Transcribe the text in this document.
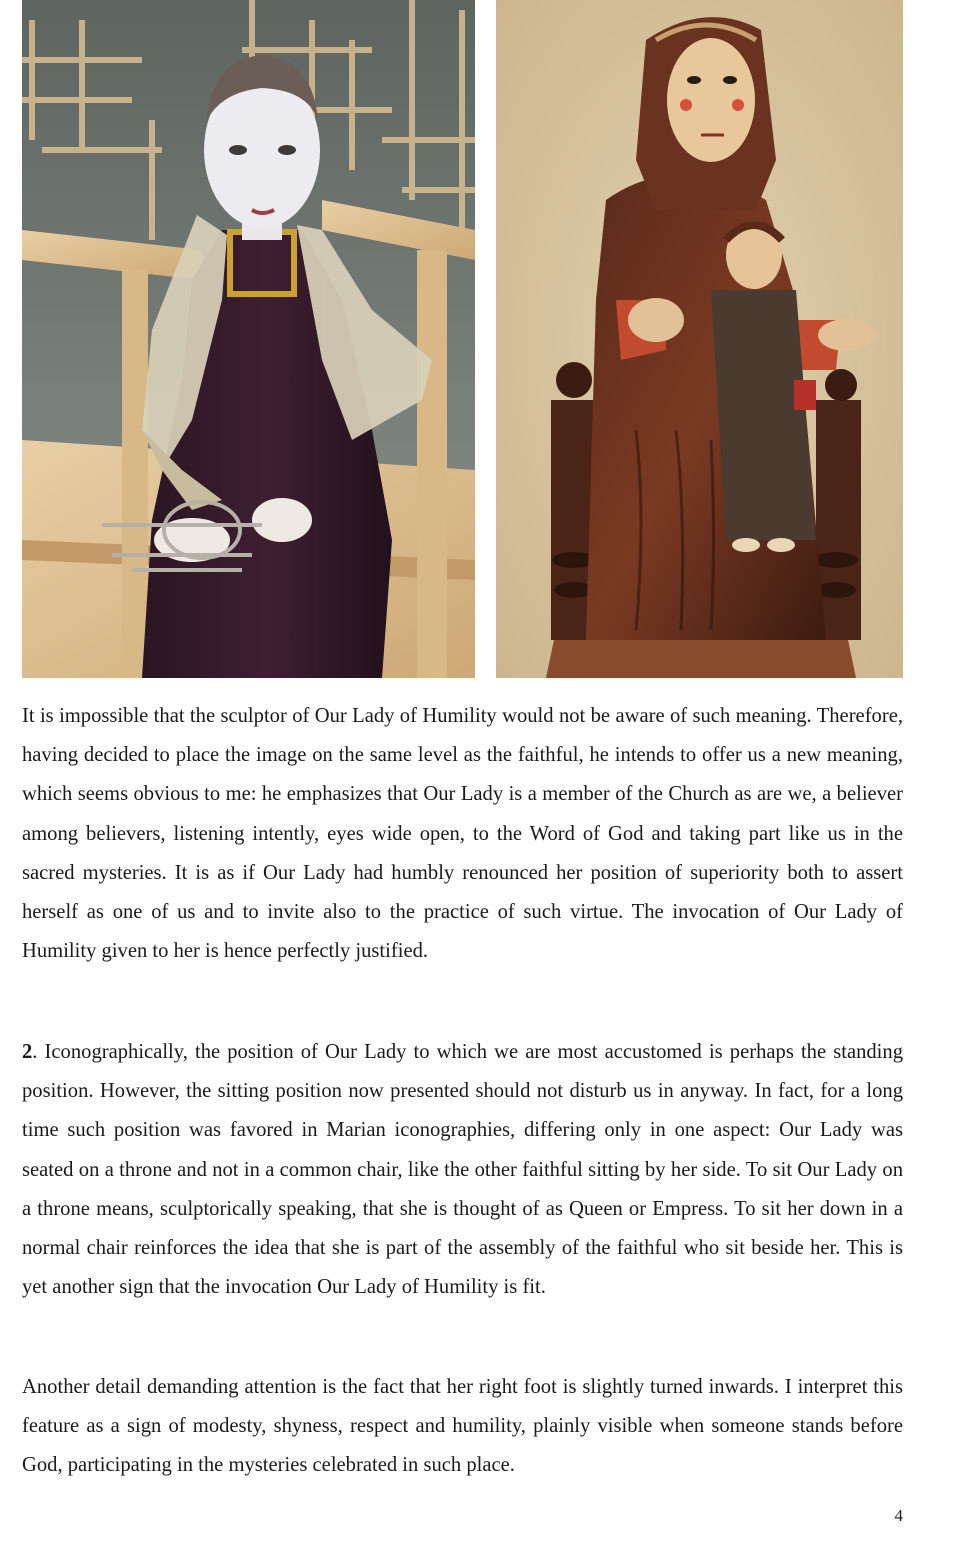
It is impossible that the sculptor of Our Lady of Humility would not be aware of such meaning. Therefore, having decided to place the image on the same level as the faithful, he intends to offer us a new meaning, which seems obvious to me: he emphasizes that Our Lady is a member of the Church as are we, a believer among believers, listening intently, eyes wide open, to the Word of God and taking part like us in the sacred mysteries. It is as if Our Lady had humbly renounced her position of superiority both to assert herself as one of us and to invite also to the practice of such virtue. The invocation of Our Lady of Humility given to her is hence perfectly justified.

2. Iconographically, the position of Our Lady to which we are most accustomed is perhaps the standing position. However, the sitting position now presented should not disturb us in anyway. In fact, for a long time such position was favored in Marian iconographies, differing only in one aspect: Our Lady was seated on a throne and not in a common chair, like the other faithful sitting by her side. To sit Our Lady on a throne means, sculptorically speaking, that she is thought of as Queen or Empress. To sit her down in a normal chair reinforces the idea that she is part of the assembly of the faithful who sit beside her. This is yet another sign that the invocation Our Lady of Humility is fit.

Another detail demanding attention is the fact that her right foot is slightly turned inwards. I interpret this feature as a sign of modesty, shyness, respect and humility, plainly visible when someone stands before God, participating in the mysteries celebrated in such place.

4
